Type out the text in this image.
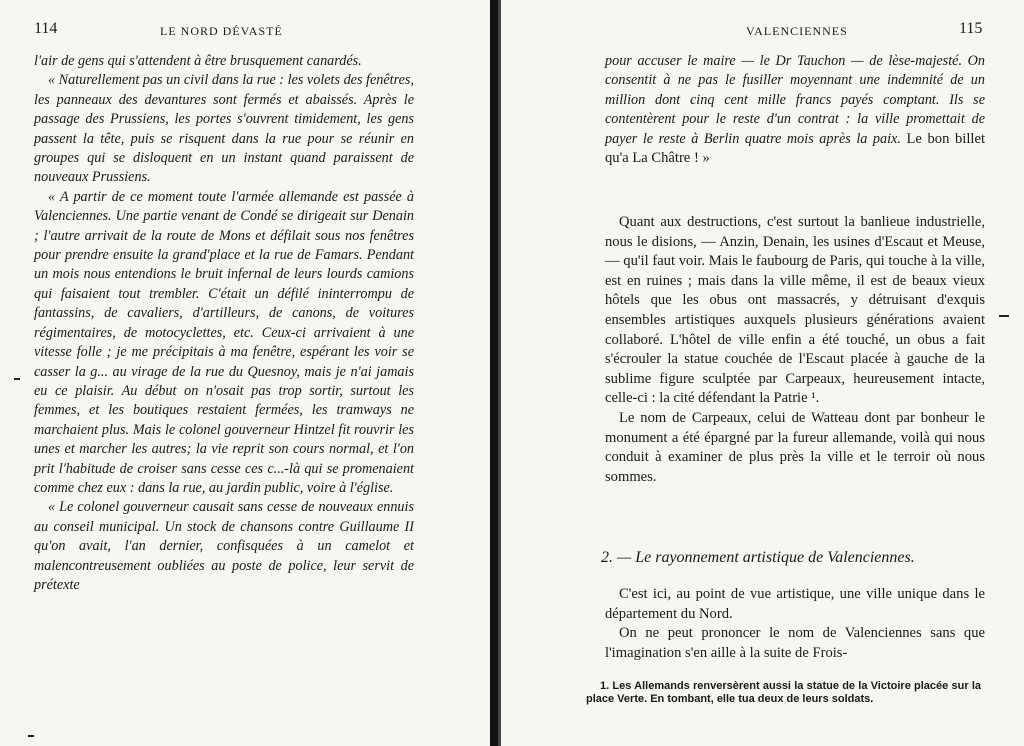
114	LE NORD DÉVASTÉ

l'air de gens qui s'attendent à être brusquement canardés.

« Naturellement pas un civil dans la rue : les volets des fenêtres, les panneaux des devantures sont fermés et abaissés. Après le passage des Prussiens, les portes s'ouvrent timidement, les gens passent la tête, puis se risquent dans la rue pour se réunir en groupes qui se disloquent en un instant quand paraissent de nouveaux Prussiens.

« A partir de ce moment toute l'armée allemande est passée à Valenciennes. Une partie venant de Condé se dirigeait sur Denain ; l'autre arrivait de la route de Mons et défilait sous nos fenêtres pour prendre ensuite la grand'place et la rue de Famars. Pendant un mois nous entendions le bruit infernal de leurs lourds camions qui faisaient tout trembler. C'était un défilé ininterrompu de fantassins, de cavaliers, d'artilleurs, de canons, de voitures régimentaires, de motocyclettes, etc. Ceux-ci arrivaient à une vitesse folle ; je me précipitais à ma fenêtre, espérant les voir se casser la g... au virage de la rue du Quesnoy, mais je n'ai jamais eu ce plaisir. Au début on n'osait pas trop sortir, surtout les femmes, et les boutiques restaient fermées, les tramways ne marchaient plus. Mais le colonel gouverneur Hintzel fit rouvrir les unes et marcher les autres; la vie reprit son cours normal, et l'on prit l'habitude de croiser sans cesse ces c...-là qui se promenaient comme chez eux : dans la rue, au jardin public, voire à l'église.

« Le colonel gouverneur causait sans cesse de nouveaux ennuis au conseil municipal. Un stock de chansons contre Guillaume II qu'on avait, l'an dernier, confisquées à un camelot et malencontreusement oubliées au poste de police, leur servit de prétexte

VALENCIENNES	115

pour accuser le maire — le Dr Tauchon — de lèse-majesté. On consentit à ne pas le fusiller moyennant une indemnité de un million dont cinq cent mille francs payés comptant. Ils se contentèrent pour le reste d'un contrat : la ville promettait de payer le reste à Berlin quatre mois après la paix. Le bon billet qu'a La Châtre ! »

Quant aux destructions, c'est surtout la banlieue industrielle, nous le disions, — Anzin, Denain, les usines d'Escaut et Meuse, — qu'il faut voir. Mais le faubourg de Paris, qui touche à la ville, est en ruines ; mais dans la ville même, il est de beaux vieux hôtels que les obus ont massacrés, y détruisant d'exquis ensembles artistiques auxquels plusieurs générations avaient collaboré. L'hôtel de ville enfin a été touché, un obus a fait s'écrouler la statue couchée de l'Escaut placée à gauche de la sublime figure sculptée par Carpeaux, heureusement intacte, celle-ci : la cité défendant la Patrie ¹.

Le nom de Carpeaux, celui de Watteau dont par bonheur le monument a été épargné par la fureur allemande, voilà qui nous conduit à examiner de plus près la ville et le terroir où nous sommes.

2. — Le rayonnement artistique de Valenciennes.

C'est ici, au point de vue artistique, une ville unique dans le département du Nord.

On ne peut prononcer le nom de Valenciennes sans que l'imagination s'en aille à la suite de Frois-

1. Les Allemands renversèrent aussi la statue de la Victoire placée sur la place Verte. En tombant, elle tua deux de leurs soldats.
